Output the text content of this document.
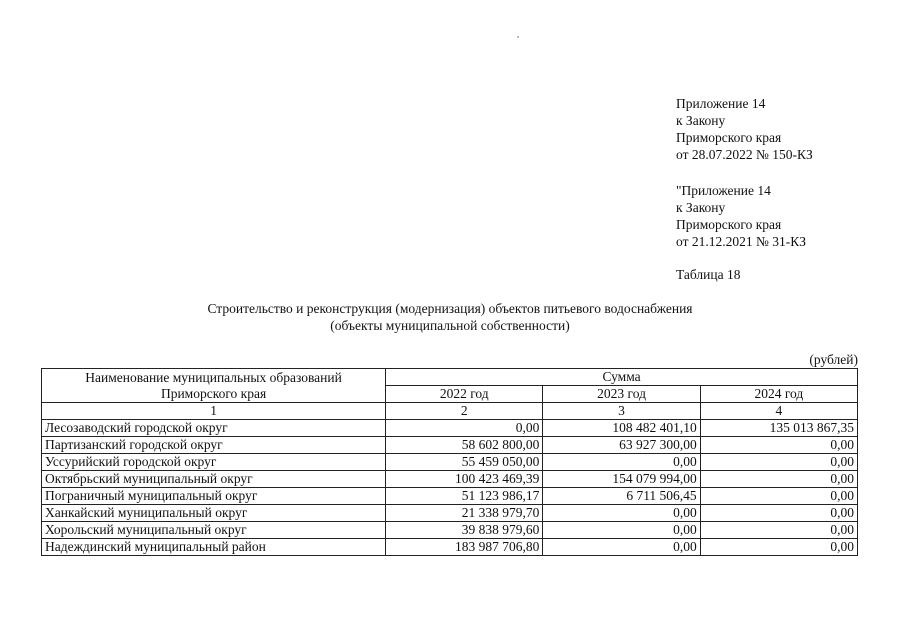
Приложение 14
к Закону
Приморского края
от 28.07.2022 № 150-КЗ
"Приложение 14
к Закону
Приморского края
от 21.12.2021 № 31-КЗ
Таблица 18
Строительство и реконструкция (модернизация) объектов питьевого водоснабжения
(объекты муниципальной собственности)
(рублей)
Наименование муниципальных образований
Приморского края	Сумма		
	2022 год	2023 год	2024 год
1	2	3	4
Лесозаводский городской округ	0,00	108 482 401,10	135 013 867,35
Партизанский городской округ	58 602 800,00	63 927 300,00	0,00
Уссурийский городской округ	55 459 050,00	0,00	0,00
Октябрьский муниципальный округ	100 423 469,39	154 079 994,00	0,00
Пограничный муниципальный округ	51 123 986,17	6 711 506,45	0,00
Ханкайский муниципальный округ	21 338 979,70	0,00	0,00
Хорольский муниципальный округ	39 838 979,60	0,00	0,00
Надеждинский муниципальный район	183 987 706,80	0,00	0,00
